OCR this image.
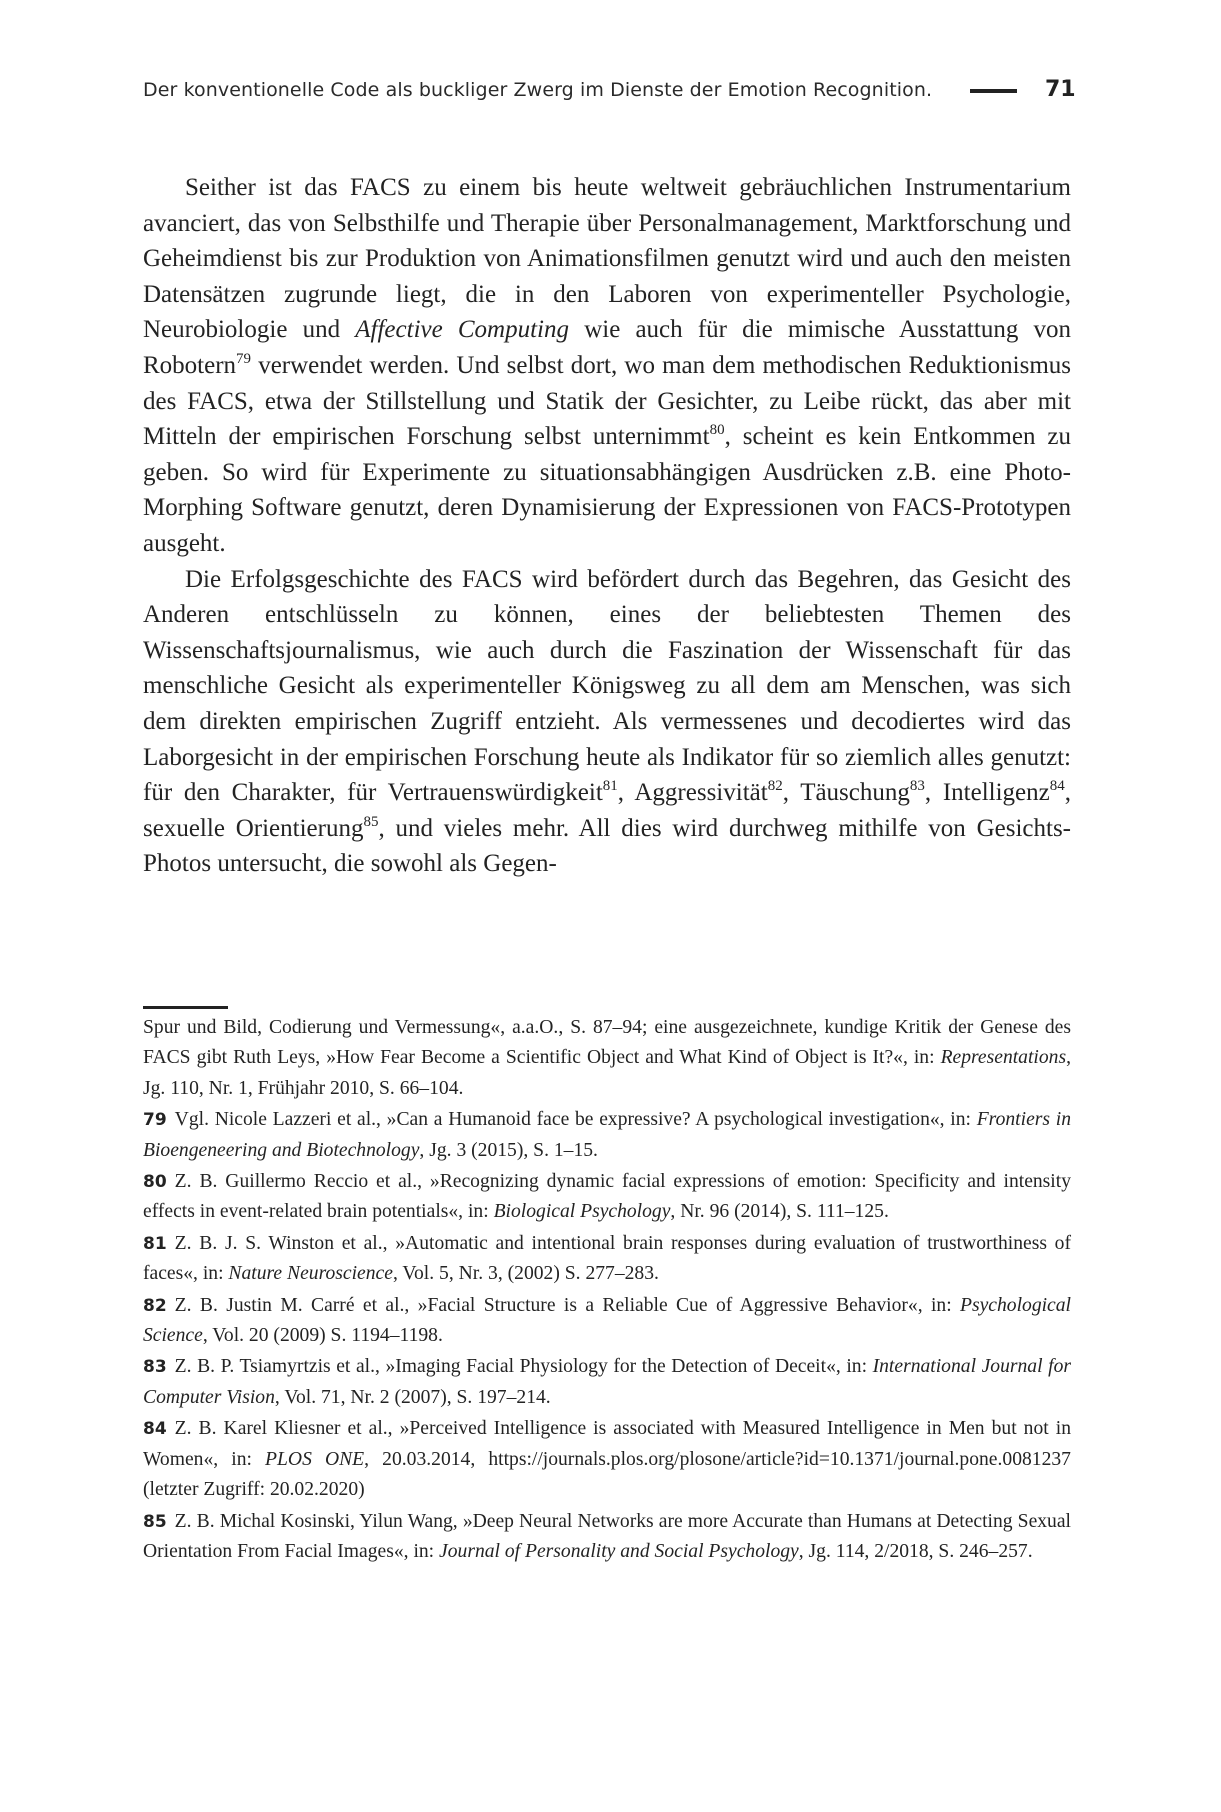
Der konventionelle Code als buckliger Zwerg im Dienste der Emotion Recognition.	71

Seither ist das FACS zu einem bis heute weltweit gebräuchlichen Instrumentarium avanciert, das von Selbsthilfe und Therapie über Personalmanagement, Marktforschung und Geheimdienst bis zur Produktion von Animationsfilmen genutzt wird und auch den meisten Datensätzen zugrunde liegt, die in den Laboren von experimenteller Psychologie, Neurobiologie und Affective Computing wie auch für die mimische Ausstattung von Robotern$^{79}$ verwendet werden. Und selbst dort, wo man dem methodischen Reduktionismus des FACS, etwa der Stillstellung und Statik der Gesichter, zu Leibe rückt, das aber mit Mitteln der empirischen Forschung selbst unternimmt$^{80}$, scheint es kein Entkommen zu geben. So wird für Experimente zu situationsabhängigen Ausdrücken z.B. eine Photo-Morphing Software genutzt, deren Dynamisierung der Expressionen von FACS-Prototypen ausgeht.

Die Erfolgsgeschichte des FACS wird befördert durch das Begehren, das Gesicht des Anderen entschlüsseln zu können, eines der beliebtesten Themen des Wissenschaftsjournalismus, wie auch durch die Faszination der Wissenschaft für das menschliche Gesicht als experimenteller Königsweg zu all dem am Menschen, was sich dem direkten empirischen Zugriff entzieht. Als vermessenes und decodiertes wird das Laborgesicht in der empirischen Forschung heute als Indikator für so ziemlich alles genutzt: für den Charakter, für Vertrauenswürdigkeit$^{81}$, Aggressivität$^{82}$, Täuschung$^{83}$, Intelligenz$^{84}$, sexuelle Orientierung$^{85}$, und vieles mehr. All dies wird durchweg mithilfe von Gesichts-Photos untersucht, die sowohl als Gegen-

Spur und Bild, Codierung und Vermessung«, a.a.O., S. 87–94; eine ausgezeichnete, kundige Kritik der Genese des FACS gibt Ruth Leys, »How Fear Become a Scientific Object and What Kind of Object is It?«, in: Representations, Jg. 110, Nr. 1, Frühjahr 2010, S. 66–104.

79 Vgl. Nicole Lazzeri et al., »Can a Humanoid face be expressive? A psychological investigation«, in: Frontiers in Bioengeneering and Biotechnology, Jg. 3 (2015), S. 1–15.

80 Z. B. Guillermo Reccio et al., »Recognizing dynamic facial expressions of emotion: Specificity and intensity effects in event-related brain potentials«, in: Biological Psychology, Nr. 96 (2014), S. 111–125.

81 Z. B. J. S. Winston et al., »Automatic and intentional brain responses during evaluation of trustworthiness of faces«, in: Nature Neuroscience, Vol. 5, Nr. 3, (2002) S. 277–283.

82 Z. B. Justin M. Carré et al., »Facial Structure is a Reliable Cue of Aggressive Behavior«, in: Psychological Science, Vol. 20 (2009) S. 1194–1198.

83 Z. B. P. Tsiamyrtzis et al., »Imaging Facial Physiology for the Detection of Deceit«, in: International Journal for Computer Vision, Vol. 71, Nr. 2 (2007), S. 197–214.

84 Z. B. Karel Kliesner et al., »Perceived Intelligence is associated with Measured Intelligence in Men but not in Women«, in: PLOS ONE, 20.03.2014, https://journals.plos.org/plosone/article?id=10.1371/journal.pone.0081237 (letzter Zugriff: 20.02.2020)

85 Z. B. Michal Kosinski, Yilun Wang, »Deep Neural Networks are more Accurate than Humans at Detecting Sexual Orientation From Facial Images«, in: Journal of Personality and Social Psychology, Jg. 114, 2/2018, S. 246–257.
